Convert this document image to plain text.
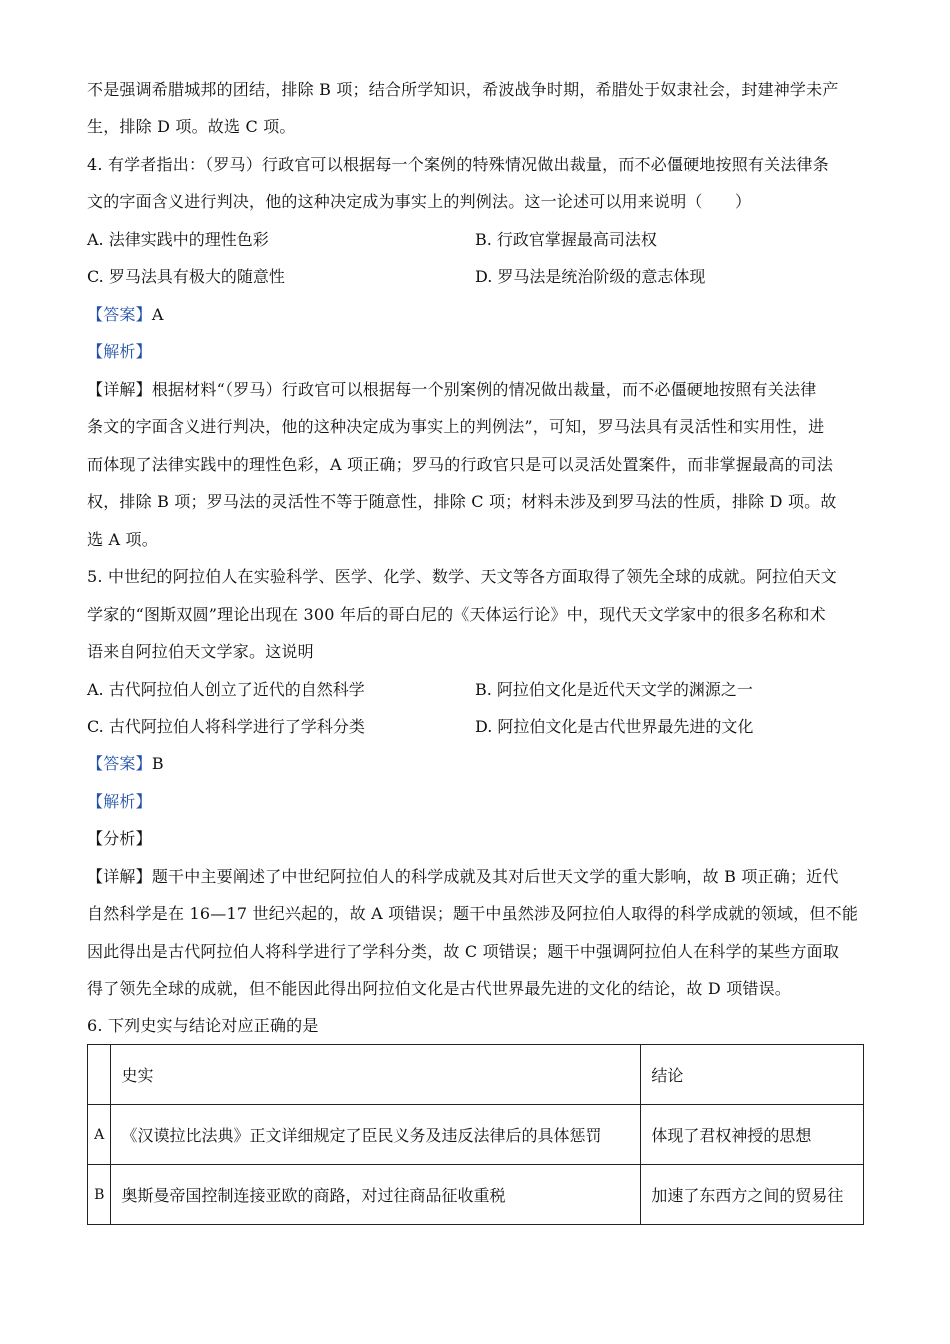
不是强调希腊城邦的团结，排除 B 项；结合所学知识，希波战争时期，希腊处于奴隶社会，封建神学未产
生，排除 D 项。故选 C 项。
4. 有学者指出：（罗马）行政官可以根据每一个案例的特殊情况做出裁量，而不必僵硬地按照有关法律条
文的字面含义进行判决，他的这种决定成为事实上的判例法。这一论述可以用来说明（　　）
A. 法律实践中的理性色彩	B. 行政官掌握最高司法权
C. 罗马法具有极大的随意性	D. 罗马法是统治阶级的意志体现
【答案】A
【解析】
【详解】根据材料“（罗马）行政官可以根据每一个别案例的情况做出裁量，而不必僵硬地按照有关法律
条文的字面含义进行判决，他的这种决定成为事实上的判例法”，可知，罗马法具有灵活性和实用性，进
而体现了法律实践中的理性色彩，A 项正确；罗马的行政官只是可以灵活处置案件，而非掌握最高的司法
权，排除 B 项；罗马法的灵活性不等于随意性，排除 C 项；材料未涉及到罗马法的性质，排除 D 项。故
选 A 项。
5. 中世纪的阿拉伯人在实验科学、医学、化学、数学、天文等各方面取得了领先全球的成就。阿拉伯天文
学家的“图斯双圆”理论出现在 300 年后的哥白尼的《天体运行论》中，现代天文学家中的很多名称和术
语来自阿拉伯天文学家。这说明
A. 古代阿拉伯人创立了近代的自然科学	B. 阿拉伯文化是近代天文学的渊源之一
C. 古代阿拉伯人将科学进行了学科分类	D. 阿拉伯文化是古代世界最先进的文化
【答案】B
【解析】
【分析】
【详解】题干中主要阐述了中世纪阿拉伯人的科学成就及其对后世天文学的重大影响，故 B 项正确；近代
自然科学是在 16—17 世纪兴起的，故 A 项错误；题干中虽然涉及阿拉伯人取得的科学成就的领域，但不能
因此得出是古代阿拉伯人将科学进行了学科分类，故 C 项错误；题干中强调阿拉伯人在科学的某些方面取
得了领先全球的成就，但不能因此得出阿拉伯文化是古代世界最先进的文化的结论，故 D 项错误。
6. 下列史实与结论对应正确的是
	史实	结论
A	《汉谟拉比法典》正文详细规定了臣民义务及违反法律后的具体惩罚	体现了君权神授的思想
B	奥斯曼帝国控制连接亚欧的商路，对过往商品征收重税	加速了东西方之间的贸易往
